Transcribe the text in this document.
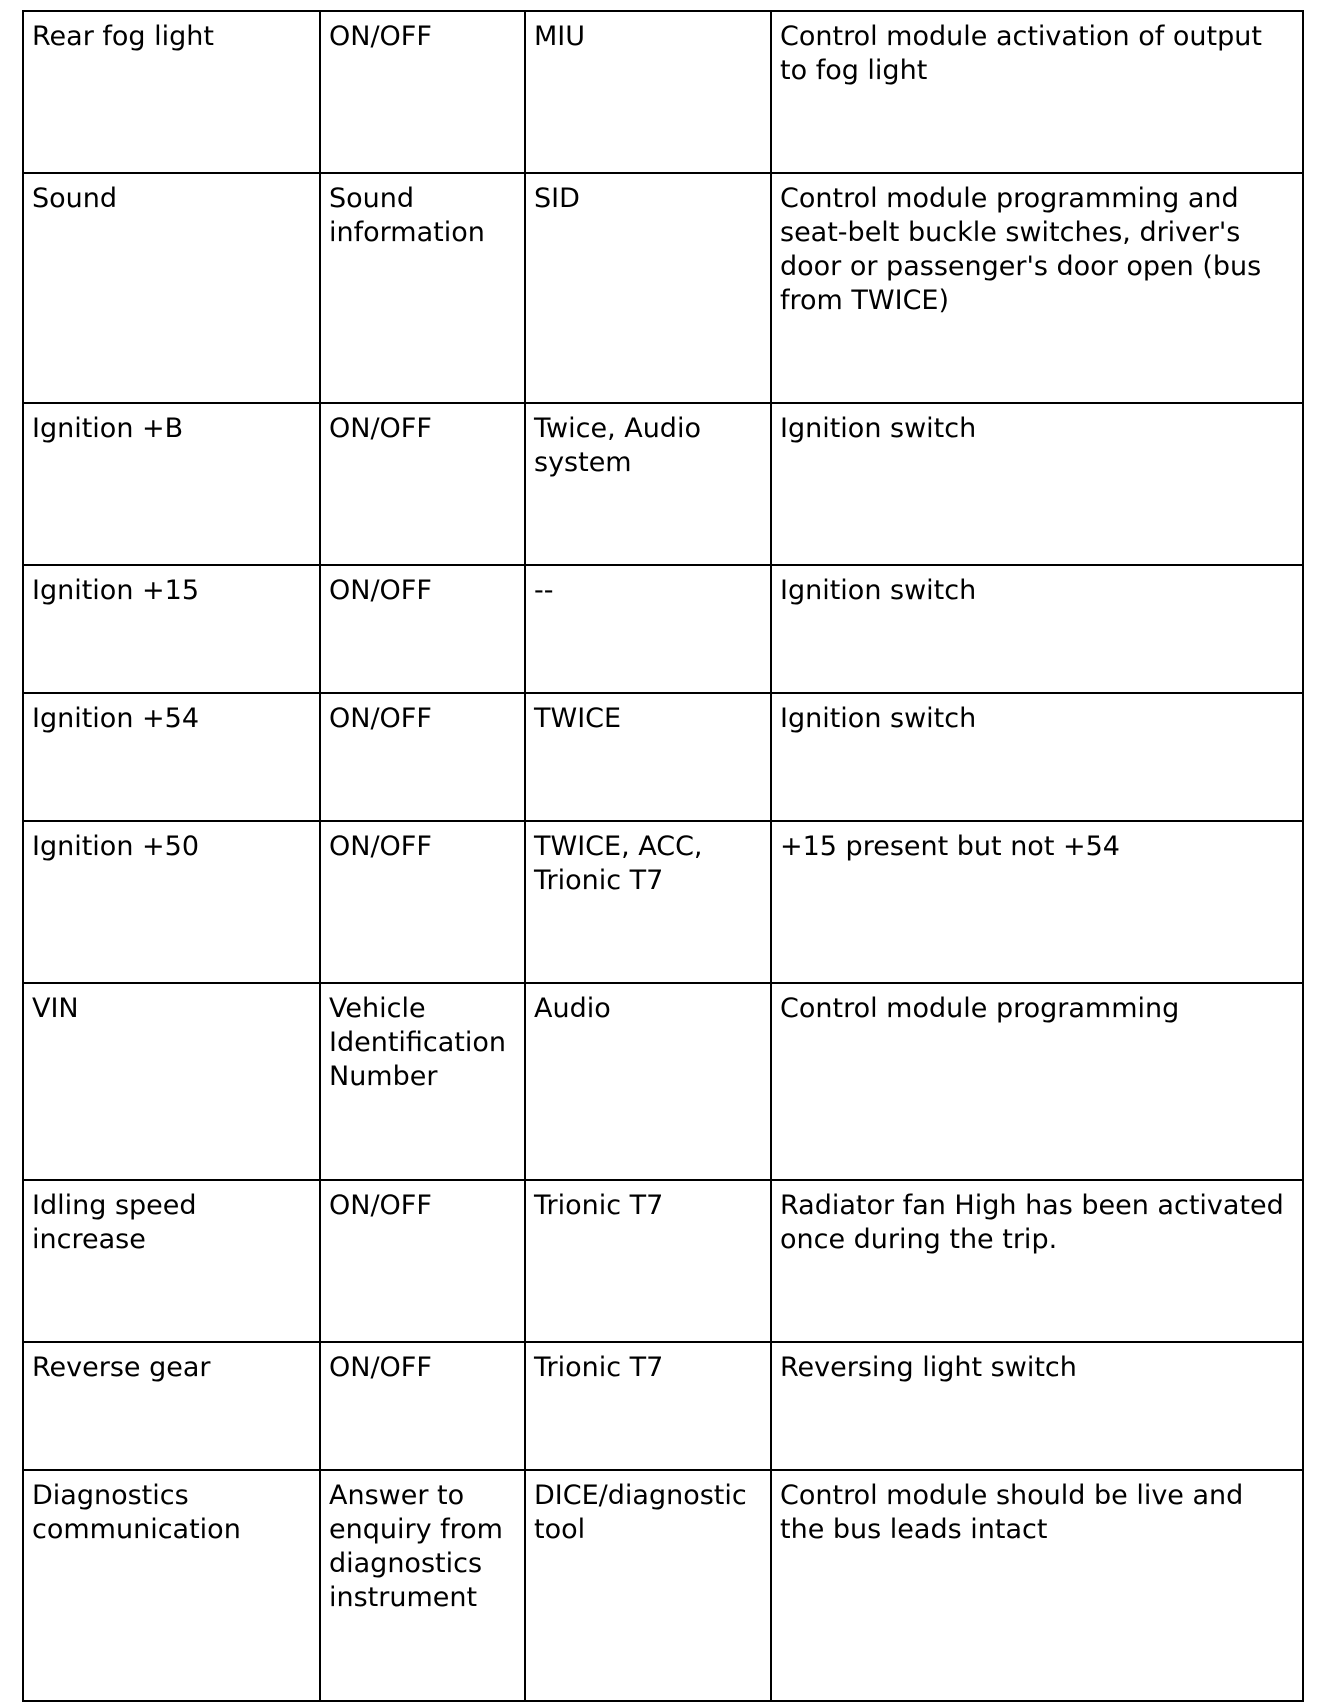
Rear fog light	ON/OFF	MIU	Control module activation of output to fog light
Sound	Sound information	SID	Control module programming and seat-belt buckle switches, driver's door or passenger's door open (bus from TWICE)
Ignition +B	ON/OFF	Twice, Audio system	Ignition switch
Ignition +15	ON/OFF	--	Ignition switch
Ignition +54	ON/OFF	TWICE	Ignition switch
Ignition +50	ON/OFF	TWICE, ACC, Trionic T7	+15 present but not +54
VIN	Vehicle Identification Number	Audio	Control module programming
Idling speed increase	ON/OFF	Trionic T7	Radiator fan High has been activated once during the trip.
Reverse gear	ON/OFF	Trionic T7	Reversing light switch
Diagnostics communication	Answer to enquiry from diagnostics instrument	DICE/diagnostic tool	Control module should be live and the bus leads intact
